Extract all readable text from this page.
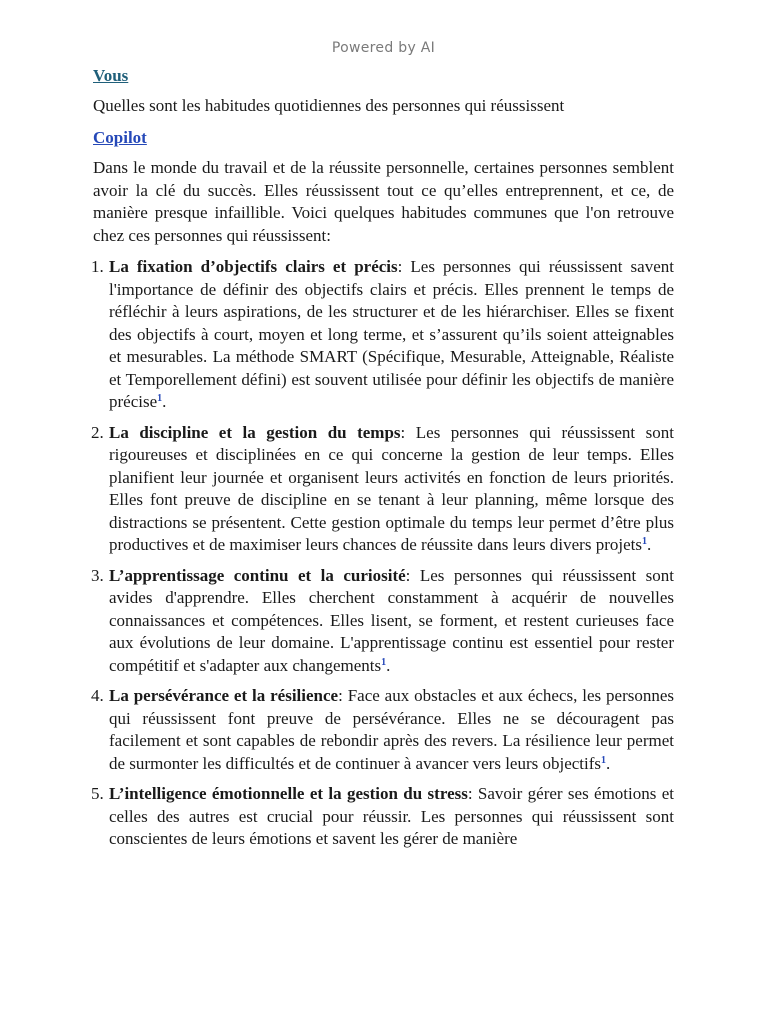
Powered by AI
Vous
Quelles sont les habitudes quotidiennes des personnes qui réussissent
Copilot
Dans le monde du travail et de la réussite personnelle, certaines personnes semblent avoir la clé du succès. Elles réussissent tout ce qu’elles entreprennent, et ce, de manière presque infaillible. Voici quelques habitudes communes que l'on retrouve chez ces personnes qui réussissent:
1. La fixation d’objectifs clairs et précis: Les personnes qui réussissent savent l'importance de définir des objectifs clairs et précis. Elles prennent le temps de réfléchir à leurs aspirations, de les structurer et de les hiérarchiser. Elles se fixent des objectifs à court, moyen et long terme, et s’assurent qu’ils soient atteignables et mesurables. La méthode SMART (Spécifique, Mesurable, Atteignable, Réaliste et Temporellement défini) est souvent utilisée pour définir les objectifs de manière précise$^1$.
2. La discipline et la gestion du temps: Les personnes qui réussissent sont rigoureuses et disciplinées en ce qui concerne la gestion de leur temps. Elles planifient leur journée et organisent leurs activités en fonction de leurs priorités. Elles font preuve de discipline en se tenant à leur planning, même lorsque des distractions se présentent. Cette gestion optimale du temps leur permet d’être plus productives et de maximiser leurs chances de réussite dans leurs divers projets$^1$.
3. L’apprentissage continu et la curiosité: Les personnes qui réussissent sont avides d'apprendre. Elles cherchent constamment à acquérir de nouvelles connaissances et compétences. Elles lisent, se forment, et restent curieuses face aux évolutions de leur domaine. L'apprentissage continu est essentiel pour rester compétitif et s'adapter aux changements$^1$.
4. La persévérance et la résilience: Face aux obstacles et aux échecs, les personnes qui réussissent font preuve de persévérance. Elles ne se découragent pas facilement et sont capables de rebondir après des revers. La résilience leur permet de surmonter les difficultés et de continuer à avancer vers leurs objectifs$^1$.
5. L’intelligence émotionnelle et la gestion du stress: Savoir gérer ses émotions et celles des autres est crucial pour réussir. Les personnes qui réussissent sont conscientes de leurs émotions et savent les gérer de manière
